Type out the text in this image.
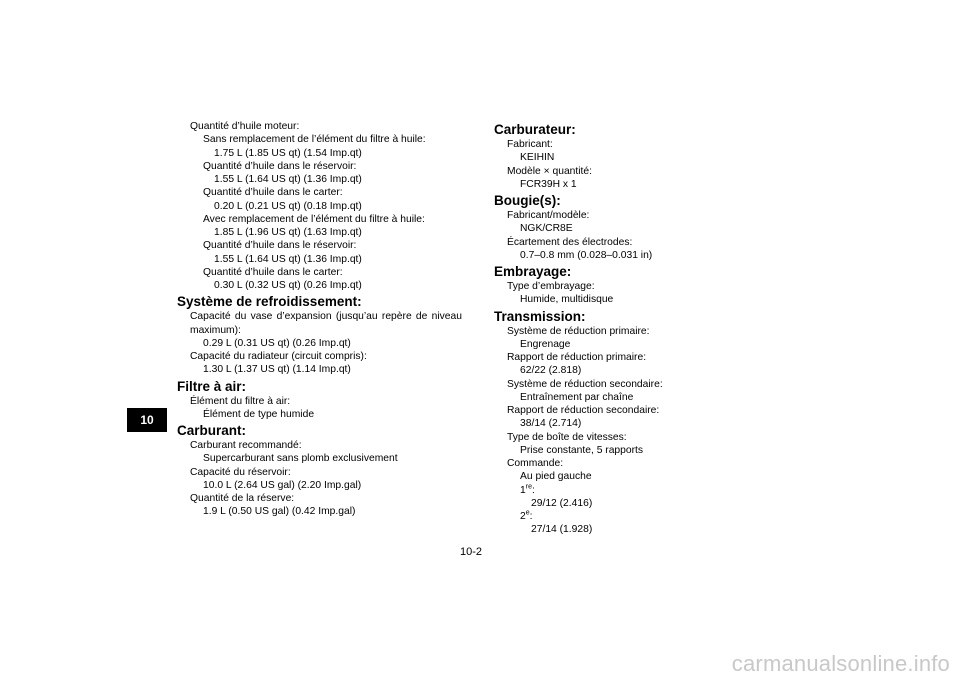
10
Quantité d’huile moteur:
Sans remplacement de l’élément du filtre à huile:
1.75 L (1.85 US qt) (1.54 Imp.qt)
Quantité d’huile dans le réservoir:
1.55 L (1.64 US qt) (1.36 Imp.qt)
Quantité d’huile dans le carter:
0.20 L (0.21 US qt) (0.18 Imp.qt)
Avec remplacement de l’élément du filtre à huile:
1.85 L (1.96 US qt) (1.63 Imp.qt)
Quantité d’huile dans le réservoir:
1.55 L (1.64 US qt) (1.36 Imp.qt)
Quantité d’huile dans le carter:
0.30 L (0.32 US qt) (0.26 Imp.qt)
Système de refroidissement:
Capacité du vase d’expansion (jusqu’au repère de niveau
maximum):
0.29 L (0.31 US qt) (0.26 Imp.qt)
Capacité du radiateur (circuit compris):
1.30 L (1.37 US qt) (1.14 Imp.qt)
Filtre à air:
Élément du filtre à air:
Élément de type humide
Carburant:
Carburant recommandé:
Supercarburant sans plomb exclusivement
Capacité du réservoir:
10.0 L (2.64 US gal) (2.20 Imp.gal)
Quantité de la réserve:
1.9 L (0.50 US gal) (0.42 Imp.gal)
Carburateur:
Fabricant:
KEIHIN
Modèle × quantité:
FCR39H x 1
Bougie(s):
Fabricant/modèle:
NGK/CR8E
Écartement des électrodes:
0.7–0.8 mm (0.028–0.031 in)
Embrayage:
Type d’embrayage:
Humide, multidisque
Transmission:
Système de réduction primaire:
Engrenage
Rapport de réduction primaire:
62/22 (2.818)
Système de réduction secondaire:
Entraînement par chaîne
Rapport de réduction secondaire:
38/14 (2.714)
Type de boîte de vitesses:
Prise constante, 5 rapports
Commande:
Au pied gauche
1re:
29/12 (2.416)
2e:
27/14 (1.928)
10-2
carmanualsonline.info
